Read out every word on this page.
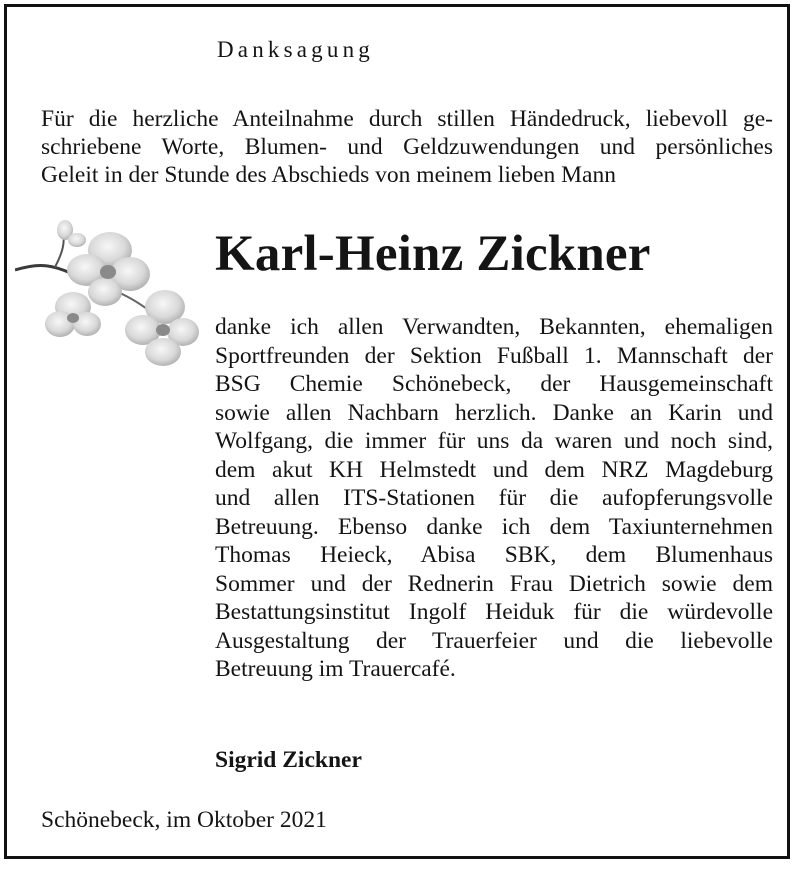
Danksagung
Für die herzliche Anteilnahme durch stillen Händedruck, liebevoll ge-
schriebene Worte, Blumen- und Geldzuwendungen und persönliches
Geleit in der Stunde des Abschieds von meinem lieben Mann
Karl-Heinz Zickner
danke ich allen Verwandten, Bekannten, ehemaligen
Sportfreunden der Sektion Fußball 1. Mannschaft der
BSG Chemie Schönebeck, der Hausgemeinschaft
sowie allen Nachbarn herzlich. Danke an Karin und
Wolfgang, die immer für uns da waren und noch sind,
dem akut KH Helmstedt und dem NRZ Magdeburg
und allen ITS-Stationen für die aufopferungsvolle
Betreuung. Ebenso danke ich dem Taxiunternehmen
Thomas Heieck, Abisa SBK, dem Blumenhaus
Sommer und der Rednerin Frau Dietrich sowie dem
Bestattungsinstitut Ingolf Heiduk für die würdevolle
Ausgestaltung der Trauerfeier und die liebevolle
Betreuung im Trauercafé.
Sigrid Zickner
Schönebeck, im Oktober 2021
